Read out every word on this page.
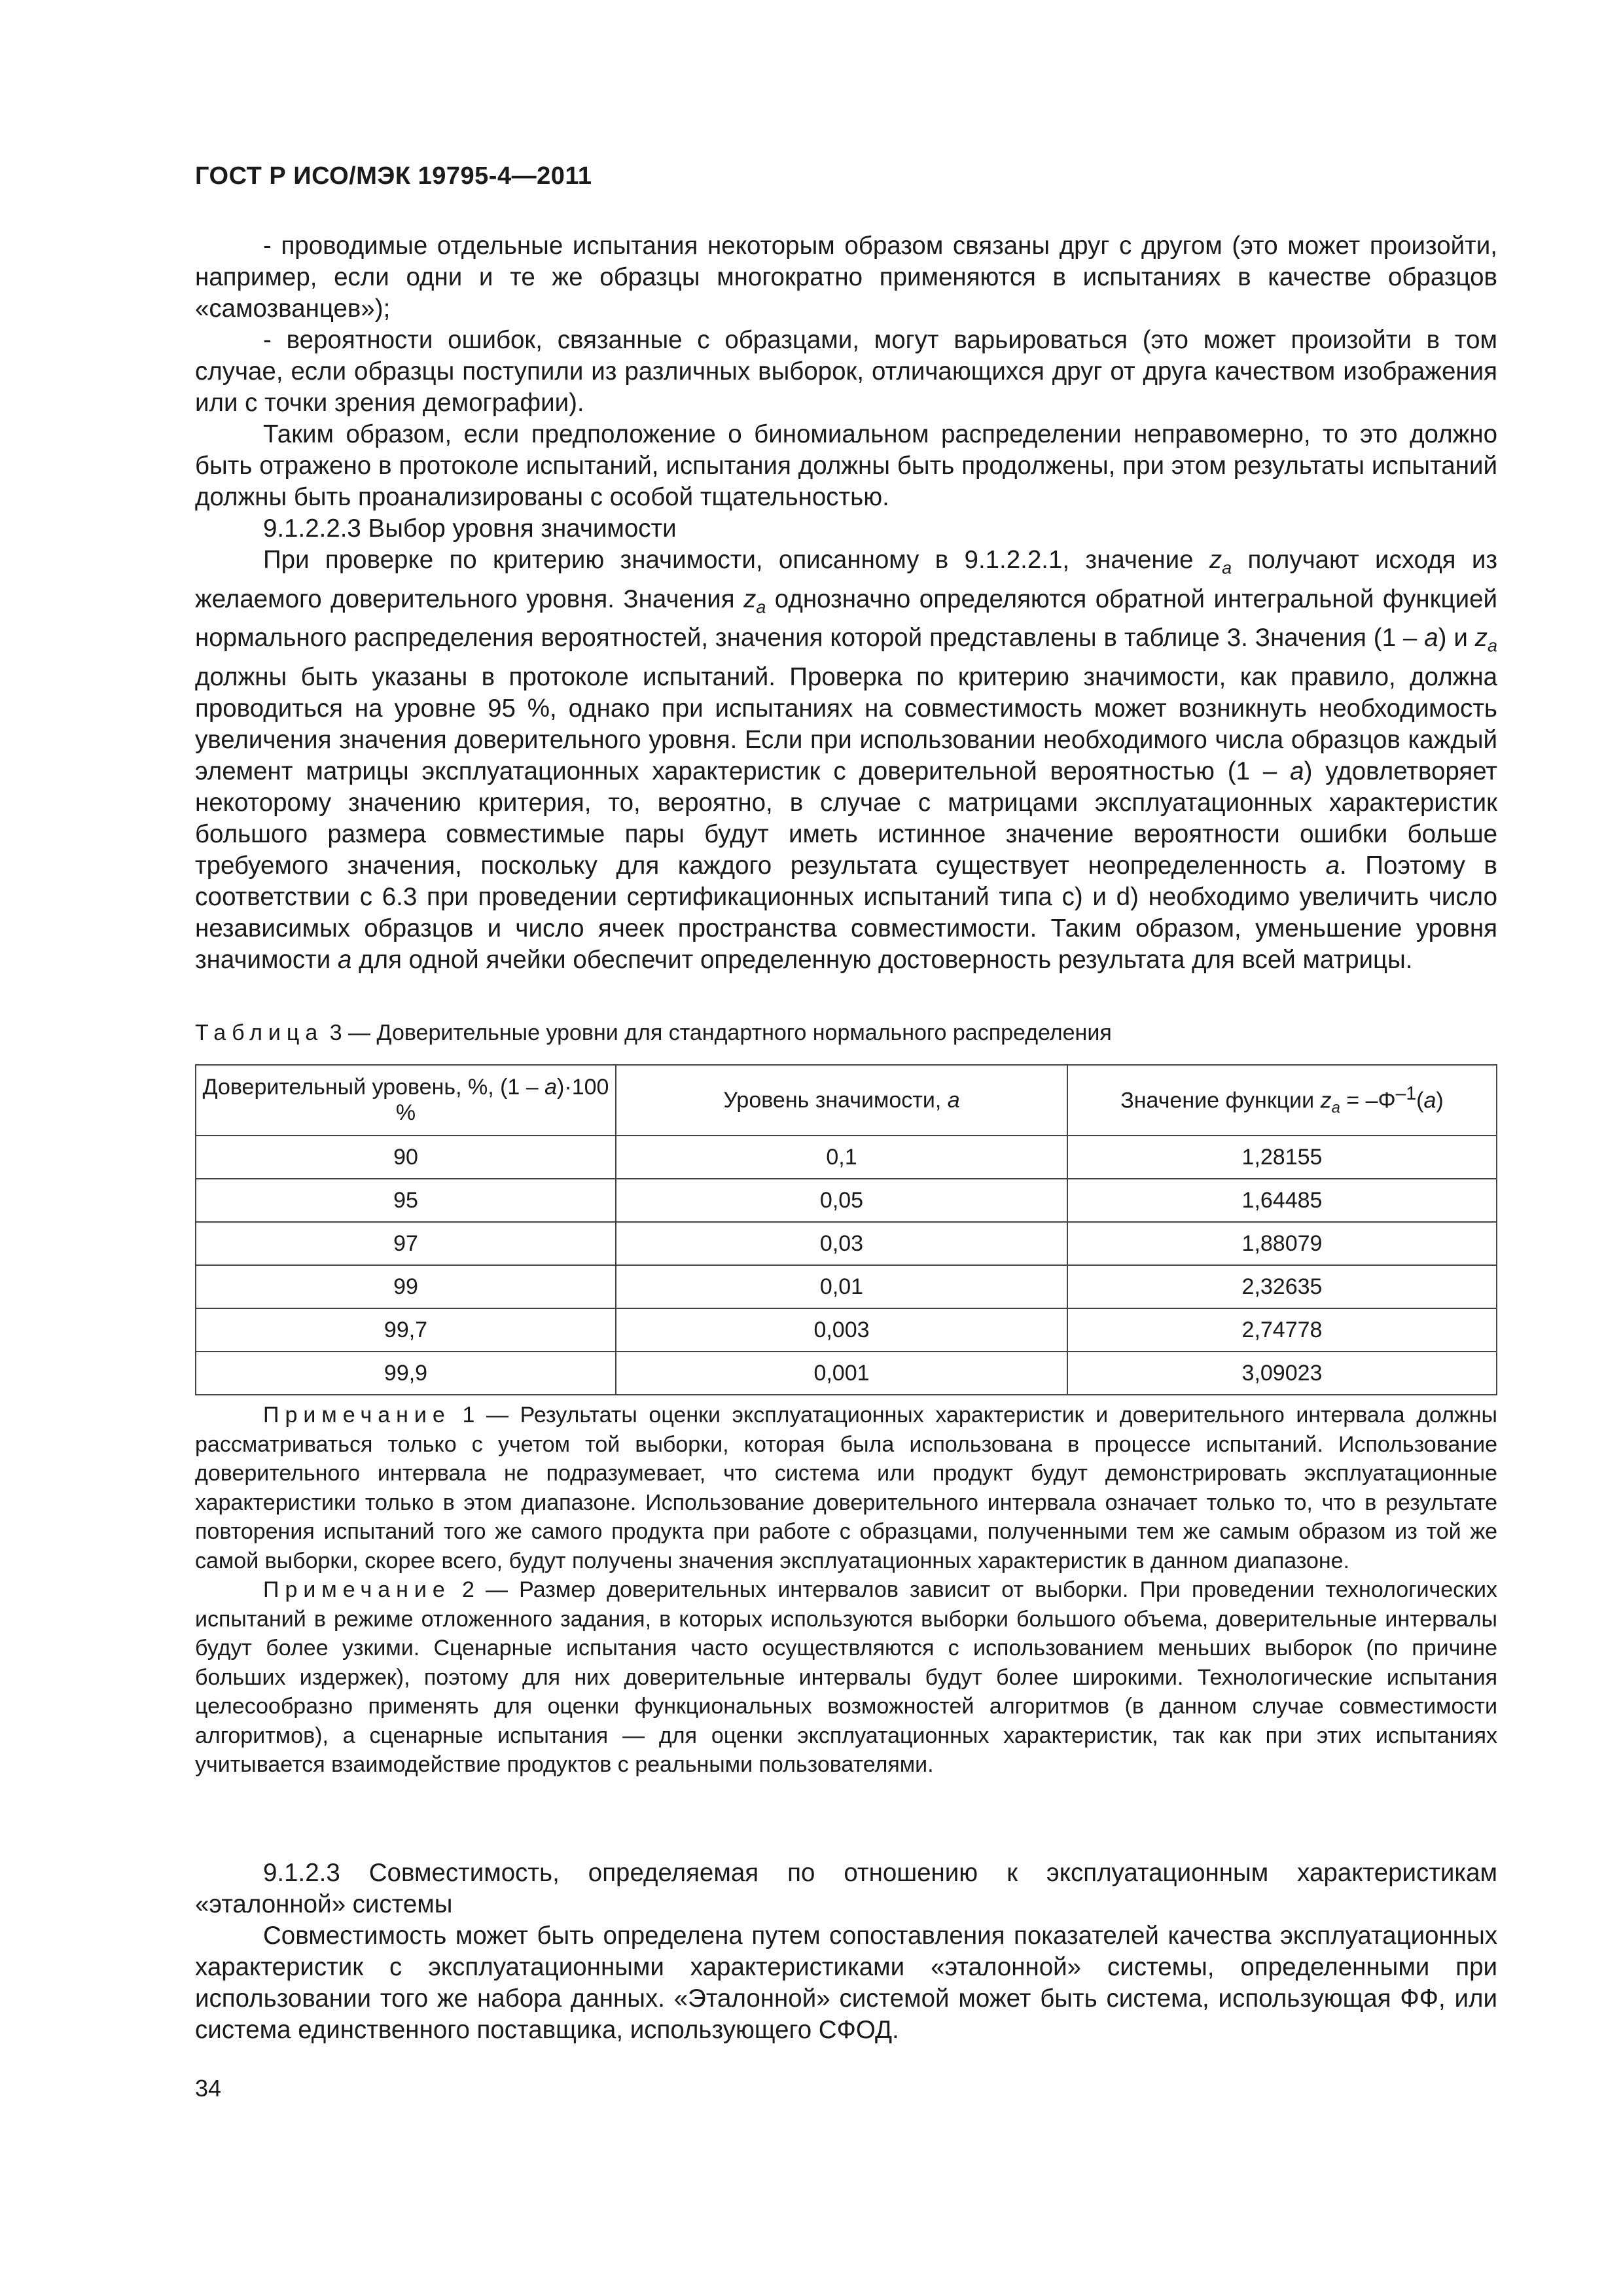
ГОСТ Р ИСО/МЭК 19795-4—2011

- проводимые отдельные испытания некоторым образом связаны друг с другом (это может произойти, например, если одни и те же образцы многократно применяются в испытаниях в качестве образцов «самозванцев»);

- вероятности ошибок, связанные с образцами, могут варьироваться (это может произойти в том случае, если образцы поступили из различных выборок, отличающихся друг от друга качеством изображения или с точки зрения демографии).

Таким образом, если предположение о биномиальном распределении неправомерно, то это должно быть отражено в протоколе испытаний, испытания должны быть продолжены, при этом результаты испытаний должны быть проанализированы с особой тщательностью.

9.1.2.2.3 Выбор уровня значимости

При проверке по критерию значимости, описанному в 9.1.2.2.1, значение $z_a$ получают исходя из желаемого доверительного уровня. Значения $z_a$ однозначно определяются обратной интегральной функцией нормального распределения вероятностей, значения которой представлены в таблице 3. Значения (1 – a) и $z_a$ должны быть указаны в протоколе испытаний. Проверка по критерию значимости, как правило, должна проводиться на уровне 95 %, однако при испытаниях на совместимость может возникнуть необходимость увеличения значения доверительного уровня. Если при использовании необходимого числа образцов каждый элемент матрицы эксплуатационных характеристик с доверительной вероятностью (1 – a) удовлетворяет некоторому значению критерия, то, вероятно, в случае с матрицами эксплуатационных характеристик большого размера совместимые пары будут иметь истинное значение вероятности ошибки больше требуемого значения, поскольку для каждого результата существует неопределенность a. Поэтому в соответствии с 6.3 при проведении сертификационных испытаний типа с) и d) необходимо увеличить число независимых образцов и число ячеек пространства совместимости. Таким образом, уменьшение уровня значимости a для одной ячейки обеспечит определенную достоверность результата для всей матрицы.

Таблица 3 — Доверительные уровни для стандартного нормального распределения
Доверительный уровень, %, (1 – a)·100 %	Уровень значимости, a	Значение функции $z_a = -\Phi^{-1}(a)$
90	0,1	1,28155
95	0,05	1,64485
97	0,03	1,88079
99	0,01	2,32635
99,7	0,003	2,74778
99,9	0,001	3,09023

Примечание 1 — Результаты оценки эксплуатационных характеристик и доверительного интервала должны рассматриваться только с учетом той выборки, которая была использована в процессе испытаний. Использование доверительного интервала не подразумевает, что система или продукт будут демонстрировать эксплуатационные характеристики только в этом диапазоне. Использование доверительного интервала означает только то, что в результате повторения испытаний того же самого продукта при работе с образцами, полученными тем же самым образом из той же самой выборки, скорее всего, будут получены значения эксплуатационных характеристик в данном диапазоне.

Примечание 2 — Размер доверительных интервалов зависит от выборки. При проведении технологических испытаний в режиме отложенного задания, в которых используются выборки большого объема, доверительные интервалы будут более узкими. Сценарные испытания часто осуществляются с использованием меньших выборок (по причине больших издержек), поэтому для них доверительные интервалы будут более широкими. Технологические испытания целесообразно применять для оценки функциональных возможностей алгоритмов (в данном случае совместимости алгоритмов), а сценарные испытания — для оценки эксплуатационных характеристик, так как при этих испытаниях учитывается взаимодействие продуктов с реальными пользователями.

9.1.2.3 Совместимость, определяемая по отношению к эксплуатационным характеристикам «эталонной» системы

Совместимость может быть определена путем сопоставления показателей качества эксплуатационных характеристик с эксплуатационными характеристиками «эталонной» системы, определенными при использовании того же набора данных. «Эталонной» системой может быть система, использующая ФФ, или система единственного поставщика, использующего СФОД.

34
